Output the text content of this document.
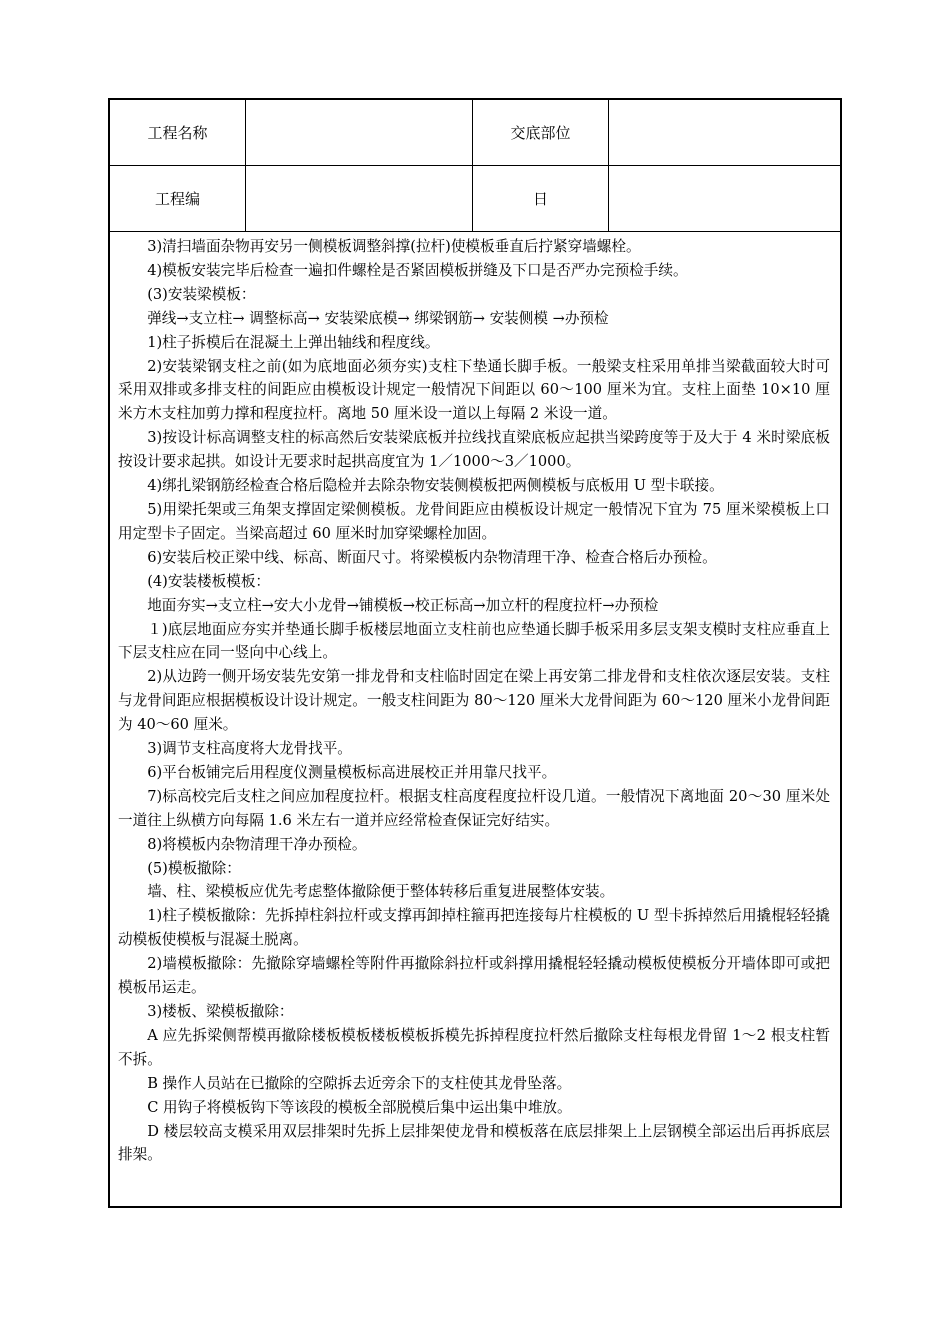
工程名称	交底部位
工程编	日

3)清扫墙面杂物再安另一侧模板调整斜撑(拉杆)使模板垂直后拧紧穿墙螺栓。

4)模板安装完毕后检查一遍扣件螺栓是否紧固模板拼缝及下口是否严办完预检手续。

(3)安装梁模板：

弹线→支立柱→ 调整标高→ 安装梁底模→ 绑梁钢筋→ 安装侧模 →办预检

1)柱子拆模后在混凝土上弹出轴线和程度线。

2)安装梁钢支柱之前(如为底地面必须夯实)支柱下垫通长脚手板。一般梁支柱采用单排当梁截面较大时可采用双排或多排支柱的间距应由模板设计规定一般情况下间距以 60～100 厘米为宜。支柱上面垫 10×10 厘米方木支柱加剪力撑和程度拉杆。离地 50 厘米设一道以上每隔 2 米设一道。

3)按设计标高调整支柱的标高然后安装梁底板并拉线找直梁底板应起拱当梁跨度等于及大于 4 米时梁底板按设计要求起拱。如设计无要求时起拱高度宜为 1／1000～3／1000。

4)绑扎梁钢筋经检查合格后隐检并去除杂物安装侧模板把两侧模板与底板用 U 型卡联接。

5)用梁托架或三角架支撑固定梁侧模板。龙骨间距应由模板设计规定一般情况下宜为 75 厘米梁模板上口用定型卡子固定。当梁高超过 60 厘米时加穿梁螺栓加固。

6)安装后校正梁中线、标高、断面尺寸。将梁模板内杂物清理干净、检查合格后办预检。

(4)安装楼板模板：

地面夯实→支立柱→安大小龙骨→铺模板→校正标高→加立杆的程度拉杆→办预检

１)底层地面应夯实并垫通长脚手板楼层地面立支柱前也应垫通长脚手板采用多层支架支模时支柱应垂直上下层支柱应在同一竖向中心线上。

2)从边跨一侧开场安装先安第一排龙骨和支柱临时固定在梁上再安第二排龙骨和支柱依次逐层安装。支柱与龙骨间距应根据模板设计设计规定。一般支柱间距为 80～120 厘米大龙骨间距为 60～120 厘米小龙骨间距为 40～60 厘米。

3)调节支柱高度将大龙骨找平。

6)平台板铺完后用程度仪测量模板标高进展校正并用靠尺找平。

7)标高校完后支柱之间应加程度拉杆。根据支柱高度程度拉杆设几道。一般情况下离地面 20～30 厘米处一道往上纵横方向每隔 1.6 米左右一道并应经常检查保证完好结实。

8)将模板内杂物清理干净办预检。

(5)模板撤除：

墙、柱、梁模板应优先考虑整体撤除便于整体转移后重复进展整体安装。

1)柱子模板撤除：先拆掉柱斜拉杆或支撑再卸掉柱箍再把连接每片柱模板的 U 型卡拆掉然后用撬棍轻轻撬动模板使模板与混凝土脱离。

2)墙模板撤除：先撤除穿墙螺栓等附件再撤除斜拉杆或斜撑用撬棍轻轻撬动模板使模板分开墙体即可或把模板吊运走。

3)楼板、梁模板撤除：

A 应先拆梁侧帮模再撤除楼板模板楼板模板拆模先拆掉程度拉杆然后撤除支柱每根龙骨留 1～2 根支柱暂不拆。

B 操作人员站在已撤除的空隙拆去近旁余下的支柱使其龙骨坠落。

C 用钩子将模板钩下等该段的模板全部脱模后集中运出集中堆放。

D 楼层较高支模采用双层排架时先拆上层排架使龙骨和模板落在底层排架上上层钢模全部运出后再拆底层排架。
